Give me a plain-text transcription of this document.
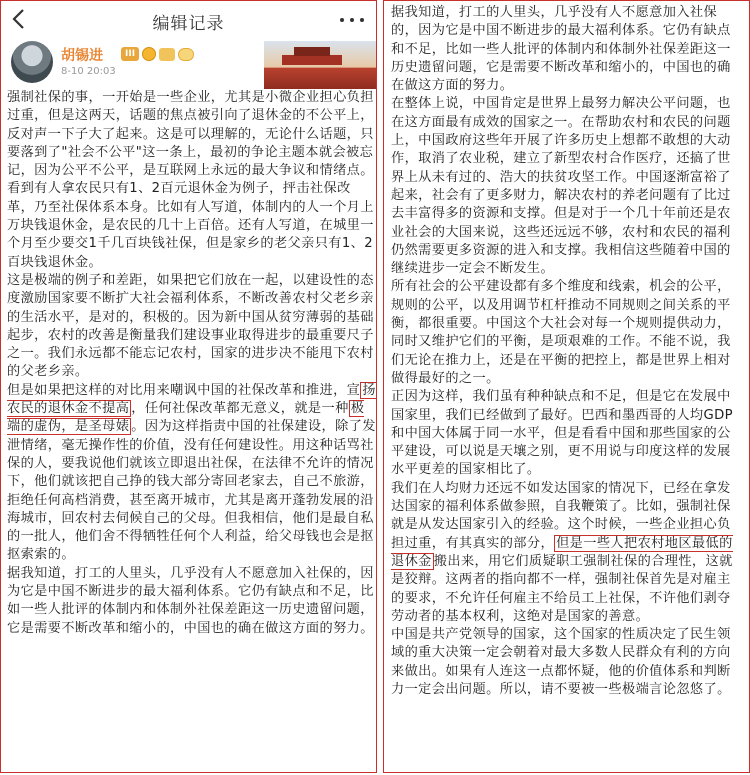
编辑记录
胡锡进	III
8-10 20:03

强制社保的事，一开始是一些企业，尤其是小微企业担心负担过重，但是这两天，话题的焦点被引向了退休金的不公平上，反对声一下子大了起来。这是可以理解的，无论什么话题，只要落到了"社会不公平"这一条上，最初的争论主题本就会被忘记，因为公平不公平，是互联网上永远的最大争议和情绪点。

看到有人拿农民只有1、2百元退休金为例子，抨击社保改革，乃至社保体系本身。比如有人写道，体制内的人一个月上万块钱退休金，是农民的几十上百倍。还有人写道，在城里一个月至少要交1千几百块钱社保，但是家乡的老父亲只有1、2百块钱退休金。

这是极端的例子和差距，如果把它们放在一起，以建设性的态度激励国家要不断扩大社会福利体系，不断改善农村父老乡亲的生活水平，是对的，积极的。因为新中国从贫穷薄弱的基础起步，农村的改善是衡量我们建设事业取得进步的最重要尺子之一。我们永远都不能忘记农村，国家的进步决不能甩下农村的父老乡亲。

但是如果把这样的对比用来嘲讽中国的社保改革和推进，宣 扬农民的退休金不提高 ，任何社保改革都无意义，就是一种 极端的虚伪，是圣母婊 。因为这样指责中国的社保建设，除了发泄情绪，毫无操作性的价值，没有任何建设性。用这种话骂社保的人，要我说他们就该立即退出社保，在法律不允许的情况下，他们就该把自己挣的钱大部分寄回老家去，自己不旅游，拒绝任何高档消费，甚至离开城市，尤其是离开蓬勃发展的沿海城市，回农村去伺候自己的父母。但我相信，他们是最自私的一批人，他们舍不得牺牲任何个人利益，给父母钱也会是抠抠索索的。

据我知道，打工的人里头，几乎没有人不愿意加入社保的，因为它是中国不断进步的最大福利体系。它仍有缺点和不足，比如一些人批评的体制内和体制外社保差距这一历史遗留问题，它是需要不断改革和缩小的，中国也的确在做这方面的努力。

据我知道，打工的人里头，几乎没有人不愿意加入社保的，因为它是中国不断进步的最大福利体系。它仍有缺点和不足，比如一些人批评的体制内和体制外社保差距这一历史遗留问题，它是需要不断改革和缩小的，中国也的确在做这方面的努力。

在整体上说，中国肯定是世界上最努力解决公平问题，也在这方面最有成效的国家之一。在帮助农村和农民的问题上，中国政府这些年开展了许多历史上想都不敢想的大动作，取消了农业税，建立了新型农村合作医疗，还搞了世界上从未有过的、浩大的扶贫攻坚工作。中国逐渐富裕了起来，社会有了更多财力，解决农村的养老问题有了比过去丰富得多的资源和支撑。但是对于一个几十年前还是农业社会的大国来说，这些还远远不够，农村和农民的福利仍然需要更多资源的进入和支撑。我相信这些随着中国的继续进步一定会不断发生。

所有社会的公平建设都有多个维度和线索，机会的公平，规则的公平，以及用调节杠杆推动不同规则之间关系的平衡，都很重要。中国这个大社会对每一个规则提供动力，同时又维护它们的平衡，是项艰难的工作。不能不说，我们无论在推力上，还是在平衡的把控上，都是世界上相对做得最好的之一。

正因为这样，我们虽有种种缺点和不足，但是它在发展中国家里，我们已经做到了最好。巴西和墨西哥的人均GDP和中国大体属于同一水平，但是看看中国和那些国家的公平建设，可以说是天壤之别，更不用说与印度这样的发展水平更差的国家相比了。

我们在人均财力还远不如发达国家的情况下，已经在拿发达国家的福利体系做参照，自我鞭策了。比如，强制社保就是从发达国家引入的经验。这个时候，一些企业担心负担过重，有其真实的部分， 但是一些人把农村地区最低的退休金 搬出来，用它们质疑职工强制社保的合理性，这就是狡辩。这两者的指向都不一样，强制社保首先是对雇主的要求，不允许任何雇主不给员工上社保，不许他们剥夺劳动者的基本权利，这绝对是国家的善意。

中国是共产党领导的国家，这个国家的性质决定了民生领域的重大决策一定会朝着对最大多数人民群众有利的方向来做出。如果有人连这一点都怀疑，他的价值体系和判断力一定会出问题。所以，请不要被一些极端言论忽悠了。
